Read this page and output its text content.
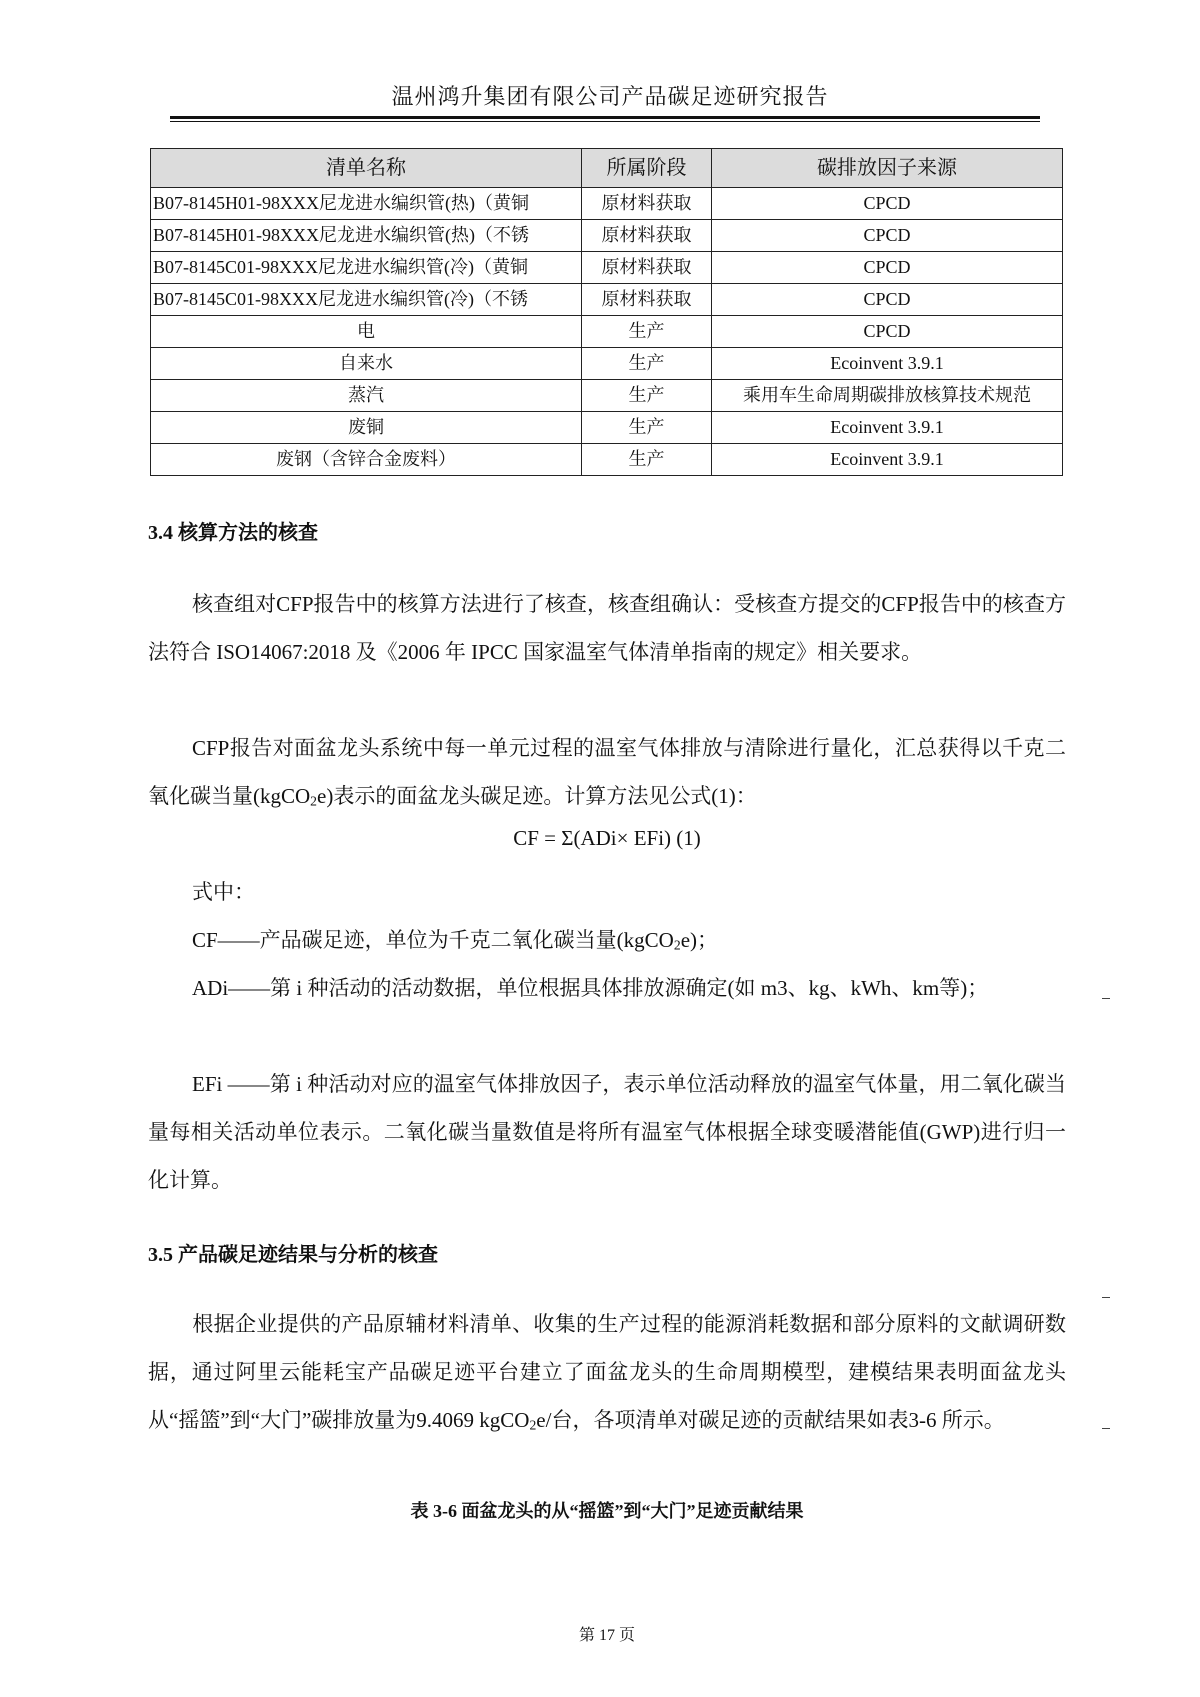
温州鸿升集团有限公司产品碳足迹研究报告
清单名称	所属阶段	碳排放因子来源
B07-8145H01-98XXX尼龙进水编织管(热)（黄铜	原材料获取	CPCD
B07-8145H01-98XXX尼龙进水编织管(热)（不锈	原材料获取	CPCD
B07-8145C01-98XXX尼龙进水编织管(冷)（黄铜	原材料获取	CPCD
B07-8145C01-98XXX尼龙进水编织管(冷)（不锈	原材料获取	CPCD
电	生产	CPCD
自来水	生产	Ecoinvent 3.9.1
蒸汽	生产	乘用车生命周期碳排放核算技术规范
废铜	生产	Ecoinvent 3.9.1
废钢（含锌合金废料）	生产	Ecoinvent 3.9.1
3.4 核算方法的核查

核查组对CFP报告中的核算方法进行了核查，核查组确认：受核查方提交的CFP报告中的核查方法符合 ISO14067:2018 及《2006 年 IPCC 国家温室气体清单指南的规定》相关要求。

CFP报告对面盆龙头系统中每一单元过程的温室气体排放与清除进行量化，汇总获得以千克二氧化碳当量(kgCO$_2$e)表示的面盆龙头碳足迹。计算方法见公式(1)：

CF = Σ(ADi× EFi) (1)

式中：

CF——产品碳足迹，单位为千克二氧化碳当量(kgCO$_2$e)；

ADi——第 i 种活动的活动数据，单位根据具体排放源确定(如 m3、kg、kWh、km等)；

EFi ——第 i 种活动对应的温室气体排放因子，表示单位活动释放的温室气体量，用二氧化碳当量每相关活动单位表示。二氧化碳当量数值是将所有温室气体根据全球变暖潜能值(GWP)进行归一化计算。

3.5 产品碳足迹结果与分析的核查

根据企业提供的产品原辅材料清单、收集的生产过程的能源消耗数据和部分原料的文献调研数据，通过阿里云能耗宝产品碳足迹平台建立了面盆龙头的生命周期模型，建模结果表明面盆龙头从“摇篮”到“大门”碳排放量为9.4069 kgCO$_2$e/台，各项清单对碳足迹的贡献结果如表3-6 所示。

表 3-6 面盆龙头的从“摇篮”到“大门”足迹贡献结果
第 17 页
